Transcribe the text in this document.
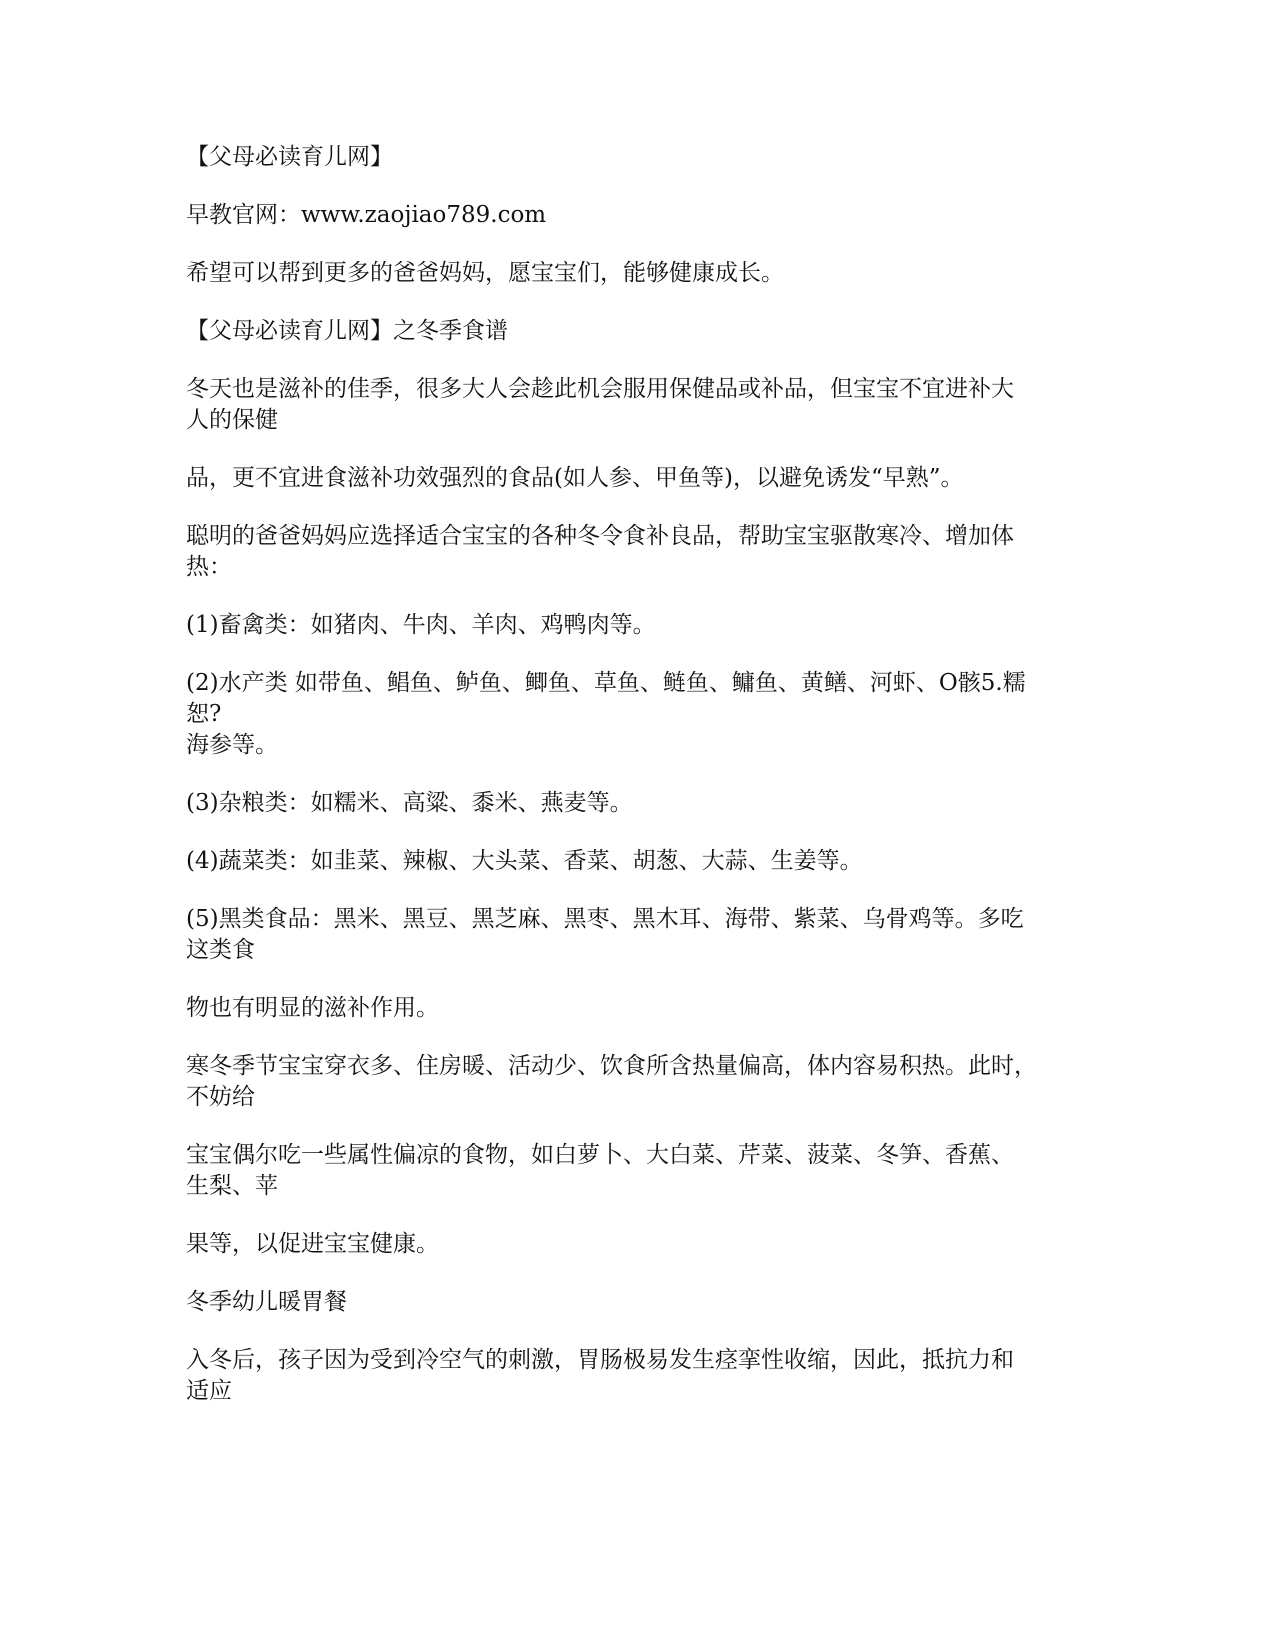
【父母必读育儿网】

早教官网：www.zaojiao789.com

希望可以帮到更多的爸爸妈妈，愿宝宝们，能够健康成长。

【父母必读育儿网】之冬季食谱

冬天也是滋补的佳季，很多大人会趁此机会服用保健品或补品，但宝宝不宜进补大
人的保健

品，更不宜进食滋补功效强烈的食品(如人参、甲鱼等)，以避免诱发“早熟”。

聪明的爸爸妈妈应选择适合宝宝的各种冬令食补良品，帮助宝宝驱散寒冷、增加体
热：

(1)畜禽类：如猪肉、牛肉、羊肉、鸡鸭肉等。

(2)水产类 如带鱼、鲳鱼、鲈鱼、鲫鱼、草鱼、鲢鱼、鳙鱼、黄鳝、河虾、O骸5.糯
恕?
海参等。

(3)杂粮类：如糯米、高粱、黍米、燕麦等。

(4)蔬菜类：如韭菜、辣椒、大头菜、香菜、胡葱、大蒜、生姜等。

(5)黑类食品：黑米、黑豆、黑芝麻、黑枣、黑木耳、海带、紫菜、乌骨鸡等。多吃
这类食

物也有明显的滋补作用。

寒冬季节宝宝穿衣多、住房暖、活动少、饮食所含热量偏高，体内容易积热。此时，
不妨给

宝宝偶尔吃一些属性偏凉的食物，如白萝卜、大白菜、芹菜、菠菜、冬笋、香蕉、
生梨、苹

果等，以促进宝宝健康。

冬季幼儿暖胃餐

入冬后，孩子因为受到冷空气的刺激，胃肠极易发生痉挛性收缩，因此，抵抗力和
适应
